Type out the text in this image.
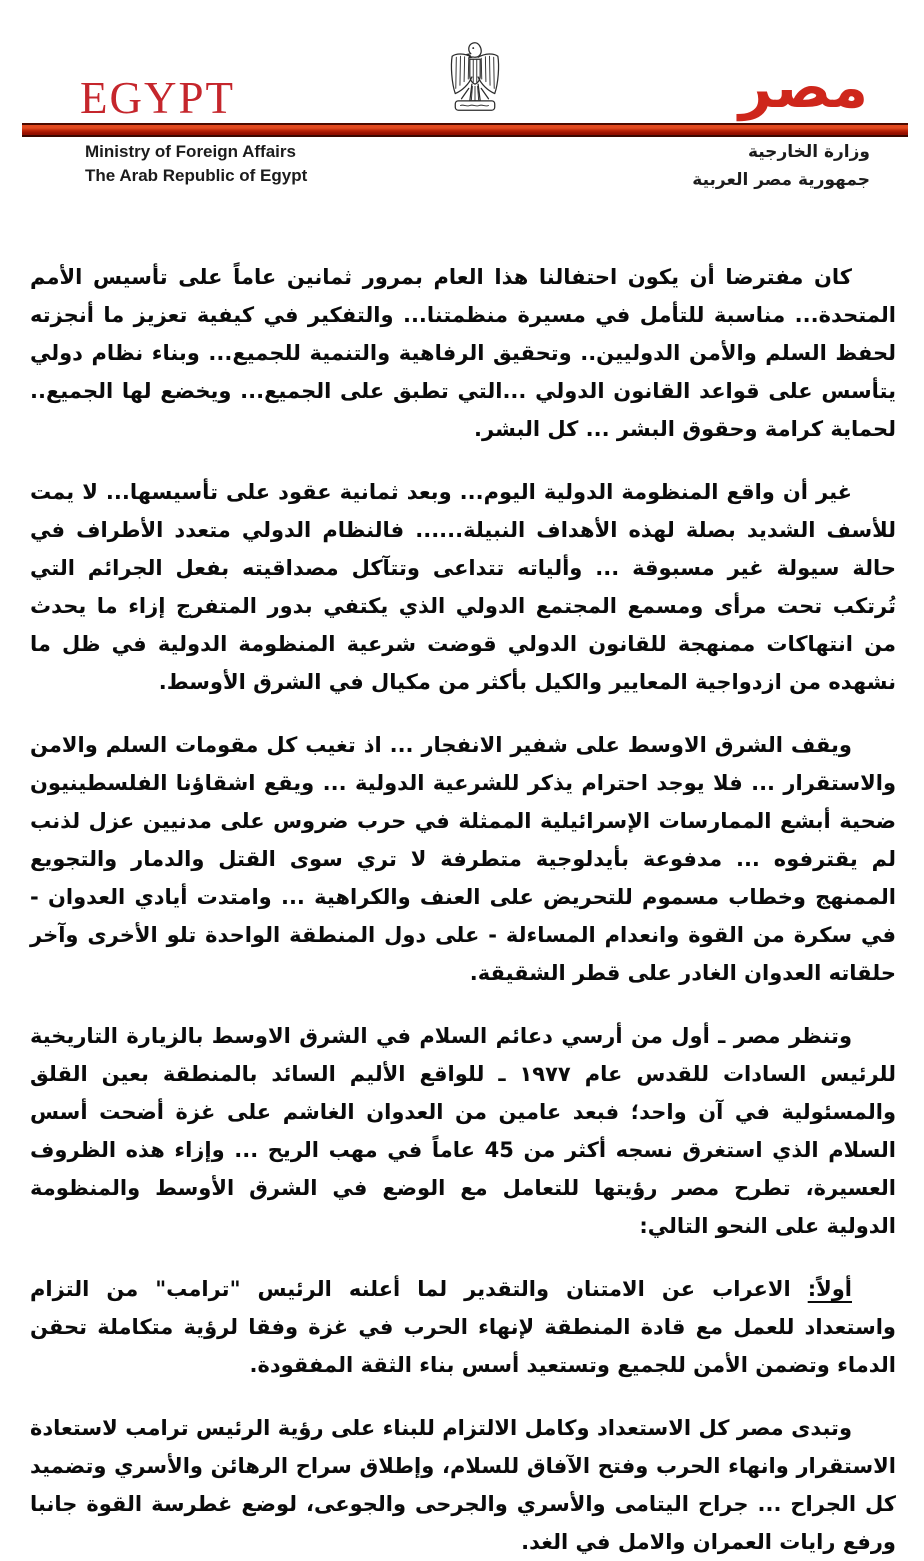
EGYPT	مصر
Ministry of Foreign Affairs
The Arab Republic of Egypt
وزارة الخارجية
جمهورية مصر العربية

كان مفترضا أن يكون احتفالنا هذا العام بمرور ثمانين عاماً على تأسيس الأمم المتحدة... مناسبة للتأمل في مسيرة منظمتنا... والتفكير في كيفية تعزيز ما أنجزته لحفظ السلم والأمن الدوليين.. وتحقيق الرفاهية والتنمية للجميع... وبناء نظام دولي يتأسس على قواعد القانون الدولي ...التي تطبق على الجميع... ويخضع لها الجميع.. لحماية كرامة وحقوق البشر ... كل البشر.

غير أن واقع المنظومة الدولية اليوم... وبعد ثمانية عقود على تأسيسها... لا يمت للأسف الشديد بصلة لهذه الأهداف النبيلة...... فالنظام الدولي متعدد الأطراف في حالة سيولة غير مسبوقة ... وألياته تتداعى وتتآكل مصداقيته بفعل الجرائم التي تُرتكب تحت مرأى ومسمع المجتمع الدولي الذي يكتفي بدور المتفرج إزاء ما يحدث من انتهاكات ممنهجة للقانون الدولي قوضت شرعية المنظومة الدولية في ظل ما نشهده من ازدواجية المعايير والكيل بأكثر من مكيال في الشرق الأوسط.

ويقف الشرق الاوسط على شفير الانفجار ... اذ تغيب كل مقومات السلم والامن والاستقرار ... فلا يوجد احترام يذكر للشرعية الدولية ... ويقع اشقاؤنا الفلسطينيون ضحية أبشع الممارسات الإسرائيلية الممثلة في حرب ضروس على مدنيين عزل لذنب لم يقترفوه ... مدفوعة بأيدلوجية متطرفة لا تري سوى القتل والدمار والتجويع الممنهج وخطاب مسموم للتحريض على العنف والكراهية ... وامتدت أيادي العدوان - في سكرة من القوة وانعدام المساءلة - على دول المنطقة الواحدة تلو الأخرى وآخر حلقاته العدوان الغادر على قطر الشقيقة.

وتنظر مصر ـ أول من أرسي دعائم السلام في الشرق الاوسط بالزيارة التاريخية للرئيس السادات للقدس عام ١٩٧٧ ـ للواقع الأليم السائد بالمنطقة بعين القلق والمسئولية في آن واحد؛ فبعد عامين من العدوان الغاشم على غزة أضحت أسس السلام الذي استغرق نسجه أكثر من 45 عاماً في مهب الريح ... وإزاء هذه الظروف العسيرة، تطرح مصر رؤيتها للتعامل مع الوضع في الشرق الأوسط والمنظومة الدولية على النحو التالي:

أولاً: الاعراب عن الامتنان والتقدير لما أعلنه الرئيس "ترامب" من التزام واستعداد للعمل مع قادة المنطقة لإنهاء الحرب في غزة وفقا لرؤية متكاملة تحقن الدماء وتضمن الأمن للجميع وتستعيد أسس بناء الثقة المفقودة.

وتبدى مصر كل الاستعداد وكامل الالتزام للبناء على رؤية الرئيس ترامب لاستعادة الاستقرار وانهاء الحرب وفتح الآفاق للسلام، وإطلاق سراح الرهائن والأسري وتضميد كل الجراح ... جراح اليتامى والأسري والجرحى والجوعى، لوضع غطرسة القوة جانبا ورفع رايات العمران والامل في الغد.
